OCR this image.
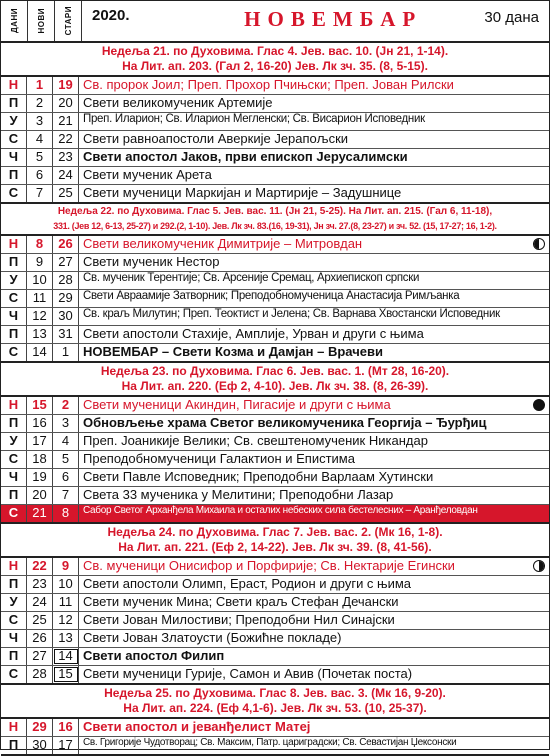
ДАНИ НОВИ СТАРИ	2020.	НОВЕМБАР	30 дана
Недеља 21. по Духовима. Глас 4. Јев. вас. 10. (Јн 21, 1-14).
На Лит. ап. 203. (Гал 2, 16-20) Јев. Лк зч. 35. (8, 5-15).
Н	1	19 Св. пророк Јоил; Преп. Прохор Пчињски; Преп. Јован Рилски
П	2	20 Свети великомученик Артемије
У	3	21 Преп. Иларион; Св. Иларион Мегленски; Св. Висарион Исповедник
С	4	22 Свети равноапостоли Аверкије Јерапољски
Ч	5	23 Свети апостол Јаков, први епископ Јерусалимски
П	6	24 Свети мученик Арета
С	7	25 Свети мученици Маркијан и Мартирије – Задушнице
Недеља 22. по Духовима. Глас 5. Јев. вас. 11. (Јн 21, 5-25). На Лит. ап. 215. (Гал 6, 11-18),
331. (Јев 12, 6-13, 25-27) и 292.(2, 1-10). Јев. Лк зч. 83.(16, 19-31), Јн зч. 27.(8, 23-27) и зч. 52. (15, 17-27; 16, 1-2).
Н	8	26 Свети великомученик Димитрије – Митровдан
П	9	27 Свети мученик Нестор
У	10 28 Св. мученик Терентије; Св. Арсеније Сремац, Архиепископ српски
С	11 29 Свети Авраамије Затворник; Преподобномученица Анастасија Римљанка
Ч	12 30 Св. краљ Милутин; Преп. Теоктист и Јелена; Св. Варнава Хвостански Исповедник
П	13 31 Свети апостоли Стахије, Амплије, Урван и други с њима
С	14	1	НОВЕМБАР – Свети Козма и Дамјан – Врачеви
Недеља 23. по Духовима. Глас 6. Јев. вас. 1. (Мт 28, 16-20).
На Лит. ап. 220. (Еф 2, 4-10). Јев. Лк зч. 38. (8, 26-39).
Н	15	2	Свети мученици Акиндин, Пигасије и други с њима
П	16	3	Обновљење храма Светог великомученика Георгија – Ђурђиц
У	17	4	Преп. Јоаникије Велики; Св. свештеномученик Никандар
С	18	5	Преподобномученици Галактион и Епистима
Ч	19	6	Свети Павле Исповедник; Преподобни Варлаам Хутински
П	20	7	Света 33 мученика у Мелитини; Преподобни Лазар
С	21	8	Сабор Светог Арханђела Михаила и осталих небеских сила бестелесних – Аранђеловдан
Недеља 24. по Духовима. Глас 7. Јев. вас. 2. (Мк 16, 1-8).
На Лит. ап. 221. (Еф 2, 14-22). Јев. Лк зч. 39. (8, 41-56).
Н	22	9	Св. мученици Онисифор и Порфирије; Св. Нектарије Егински
П	23 10 Свети апостоли Олимп, Ераст, Родион и други с њима
У	24 11 Свети мученик Мина; Свети краљ Стефан Дечански
С	25 12 Свети Јован Милостиви; Преподобни Нил Синајски
Ч	26 13 Свети Јован Златоусти (Божићне покладе)
П	27 14 Свети апостол Филип
С	28 15 Свети мученици Гурије, Самон и Авив (Почетак поста)
Недеља 25. по Духовима. Глас 8. Јев. вас. 3. (Мк 16, 9-20).
На Лит. ап. 224. (Еф 4,1-6). Јев. Лк зч. 53. (10, 25-37).
Н	29 16 Свети апостол и јеванђелист Матеј
П	30 17	Св. Григорије Чудотворац; Св. Максим, Патр. цариградски; Св. Севастијан Џексонски
